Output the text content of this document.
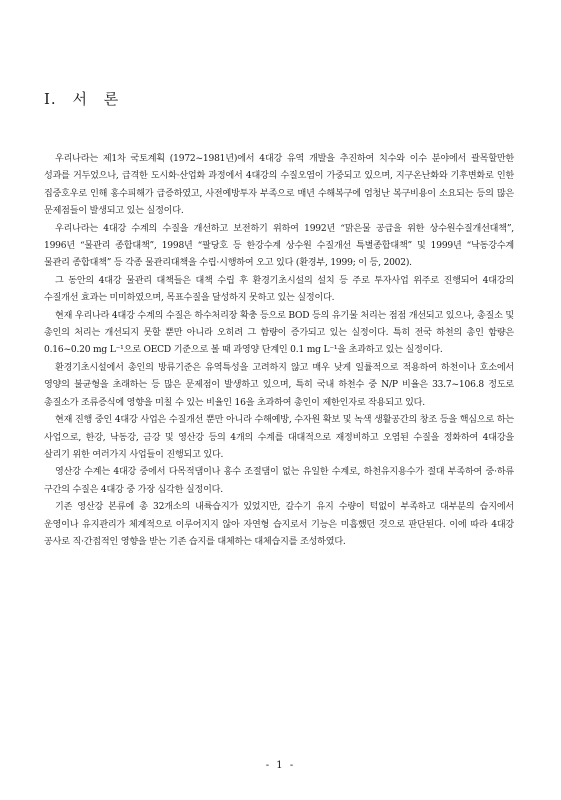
Ⅰ. 서 론

우리나라는 제1차 국토계획 (1972~1981년)에서 4대강 유역 개발을 추진하여 치수와 이수 분야에서 괄목할만한 성과를 거두었으나, 급격한 도시화·산업화 과정에서 4대강의 수질오염이 가중되고 있으며, 지구온난화와 기후변화로 인한 집중호우로 인해 홍수피해가 급증하였고, 사전예방투자 부족으로 매년 수해복구에 엄청난 복구비용이 소요되는 등의 많은 문제점들이 발생되고 있는 실정이다.

우리나라는 4대강 수계의 수질을 개선하고 보전하기 위하여 1992년 “맑은물 공급을 위한 상수원수질개선대책”, 1996년 “물관리 종합대책”, 1998년 “팔당호 등 한강수계 상수원 수질개선 특별종합대책” 및 1999년 “낙동강수계 물관리 종합대책” 등 각종 물관리대책을 수립·시행하여 오고 있다 (환경부, 1999; 이 등, 2002).

그 동안의 4대강 물관리 대책들은 대책 수립 후 환경기초시설의 설치 등 주로 투자사업 위주로 진행되어 4대강의 수질개선 효과는 미미하였으며, 목표수질을 달성하지 못하고 있는 실정이다.

현재 우리나라 4대강 수계의 수질은 하수처리장 확충 등으로 BOD 등의 유기물 처리는 점점 개선되고 있으나, 총질소 및 총인의 처리는 개선되지 못할 뿐만 아니라 오히려 그 함량이 증가되고 있는 실정이다. 특히 전국 하천의 총인 함량은 0.16~0.20 mg L⁻¹으로 OECD 기준으로 볼 때 과영양 단계인 0.1 mg L⁻¹을 초과하고 있는 실정이다.

환경기초시설에서 총인의 방류기준은 유역특성을 고려하지 않고 매우 낮게 일률적으로 적용하여 하천이나 호소에서 영양의 불균형을 초래하는 등 많은 문제점이 발생하고 있으며, 특히 국내 하천수 중 N/P 비율은 33.7~106.8 정도로 총질소가 조류증식에 영향을 미칠 수 있는 비율인 16을 초과하여 총인이 제한인자로 작용되고 있다.

현재 진행 중인 4대강 사업은 수질개선 뿐만 아니라 수해예방, 수자원 확보 및 녹색 생활공간의 창조 등을 핵심으로 하는 사업으로, 한강, 낙동강, 금강 및 영산강 등의 4개의 수계를 대대적으로 재정비하고 오염된 수질을 정화하여 4대강을 살리기 위한 여러가지 사업들이 진행되고 있다.

영산강 수계는 4대강 중에서 다목적댐이나 홍수 조절댐이 없는 유일한 수계로, 하천유지용수가 절대 부족하여 중·하류 구간의 수질은 4대강 중 가장 심각한 실정이다.

기존 영산강 본류에 총 32개소의 내륙습지가 있었지만, 갈수기 유지 수량이 턱없이 부족하고 대부분의 습지에서 운영이나 유지관리가 체계적으로 이루어지지 않아 자연형 습지로서 기능은 미흡했던 것으로 판단된다. 이에 따라 4대강 공사로 직·간접적인 영향을 받는 기존 습지를 대체하는 대체습지를 조성하였다.

- 1 -
